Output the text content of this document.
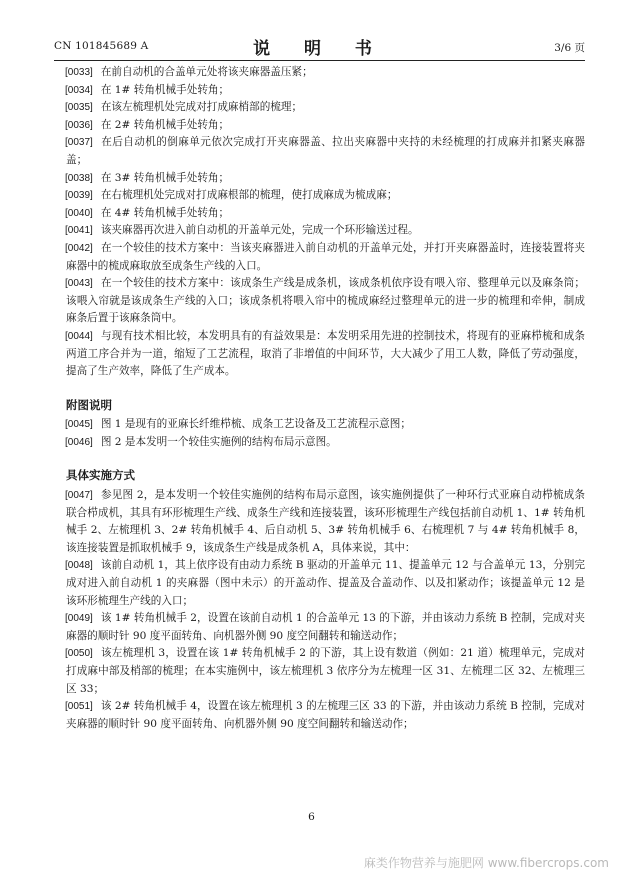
CN 101845689 A	说 明 书	3/6 页

[0033] 在前自动机的合盖单元处将该夹麻器盖压紧；

[0034] 在 1# 转角机械手处转角；

[0035] 在该左梳理机处完成对打成麻梢部的梳理；

[0036] 在 2# 转角机械手处转角；

[0037] 在后自动机的倒麻单元依次完成打开夹麻器盖、拉出夹麻器中夹持的未经梳理的打成麻并扣紧夹麻器盖；

[0038] 在 3# 转角机械手处转角；

[0039] 在右梳理机处完成对打成麻根部的梳理，使打成麻成为梳成麻；

[0040] 在 4# 转角机械手处转角；

[0041] 该夹麻器再次进入前自动机的开盖单元处，完成一个环形输送过程。

[0042] 在一个较佳的技术方案中：当该夹麻器进入前自动机的开盖单元处，并打开夹麻器盖时，连接装置将夹麻器中的梳成麻取放至成条生产线的入口。

[0043] 在一个较佳的技术方案中：该成条生产线是成条机，该成条机依序设有喂入帘、整理单元以及麻条筒；该喂入帘就是该成条生产线的入口；该成条机将喂入帘中的梳成麻经过整理单元的进一步的梳理和牵伸，制成麻条后置于该麻条筒中。

[0044] 与现有技术相比较，本发明具有的有益效果是：本发明采用先进的控制技术，将现有的亚麻栉梳和成条两道工序合并为一道，缩短了工艺流程，取消了非增值的中间环节，大大减少了用工人数，降低了劳动强度，提高了生产效率，降低了生产成本。

附图说明

[0045] 图 1 是现有的亚麻长纤维栉梳、成条工艺设备及工艺流程示意图；

[0046] 图 2 是本发明一个较佳实施例的结构布局示意图。

具体实施方式

[0047] 参见图 2，是本发明一个较佳实施例的结构布局示意图，该实施例提供了一种环行式亚麻自动栉梳成条联合栉成机，其具有环形梳理生产线、成条生产线和连接装置，该环形梳理生产线包括前自动机 1、1# 转角机械手 2、左梳理机 3、2# 转角机械手 4、后自动机 5、3# 转角机械手 6、右梳理机 7 与 4# 转角机械手 8，该连接装置是抓取机械手 9，该成条生产线是成条机 A，具体来说，其中：

[0048] 该前自动机 1，其上依序设有由动力系统 B 驱动的开盖单元 11、提盖单元 12 与合盖单元 13，分别完成对进入前自动机 1 的夹麻器（图中未示）的开盖动作、提盖及合盖动作、以及扣紧动作；该提盖单元 12 是该环形梳理生产线的入口；

[0049] 该 1# 转角机械手 2，设置在该前自动机 1 的合盖单元 13 的下游，并由该动力系统 B 控制，完成对夹麻器的顺时针 90 度平面转角、向机器外侧 90 度空间翻转和输送动作；

[0050] 该左梳理机 3，设置在该 1# 转角机械手 2 的下游，其上设有数道（例如：21 道）梳理单元，完成对打成麻中部及梢部的梳理；在本实施例中，该左梳理机 3 依序分为左梳理一区 31、左梳理二区 32、左梳理三区 33；

[0051] 该 2# 转角机械手 4，设置在该左梳理机 3 的左梳理三区 33 的下游，并由该动力系统 B 控制，完成对夹麻器的顺时针 90 度平面转角、向机器外侧 90 度空间翻转和输送动作；

6
麻类作物营养与施肥网 www.fibercrops.com
